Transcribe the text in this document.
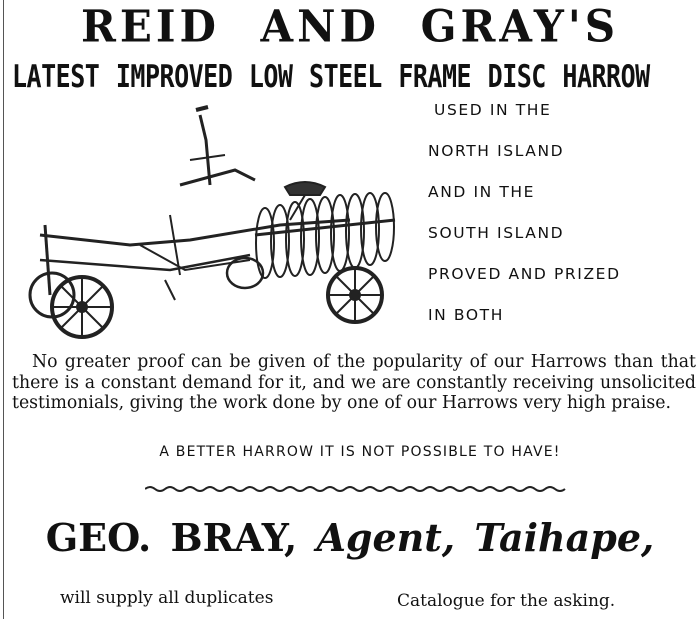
REID AND GRAY'S
LATEST IMPROVED LOW STEEL FRAME DISC HARROW
USED IN THE
NORTH ISLAND
AND IN THE
SOUTH ISLAND
PROVED AND PRIZED
IN BOTH
No greater proof can be given of the popularity of our Harrows than that there is a constant demand for it, and we are constantly receiving unsolicited testimonials, giving the work done by one of our Harrows very high praise.
A BETTER HARROW IT IS NOT POSSIBLE TO HAVE!
GEO. BRAY, Agent, Taihape,
will supply all duplicates	Catalogue for the asking.
